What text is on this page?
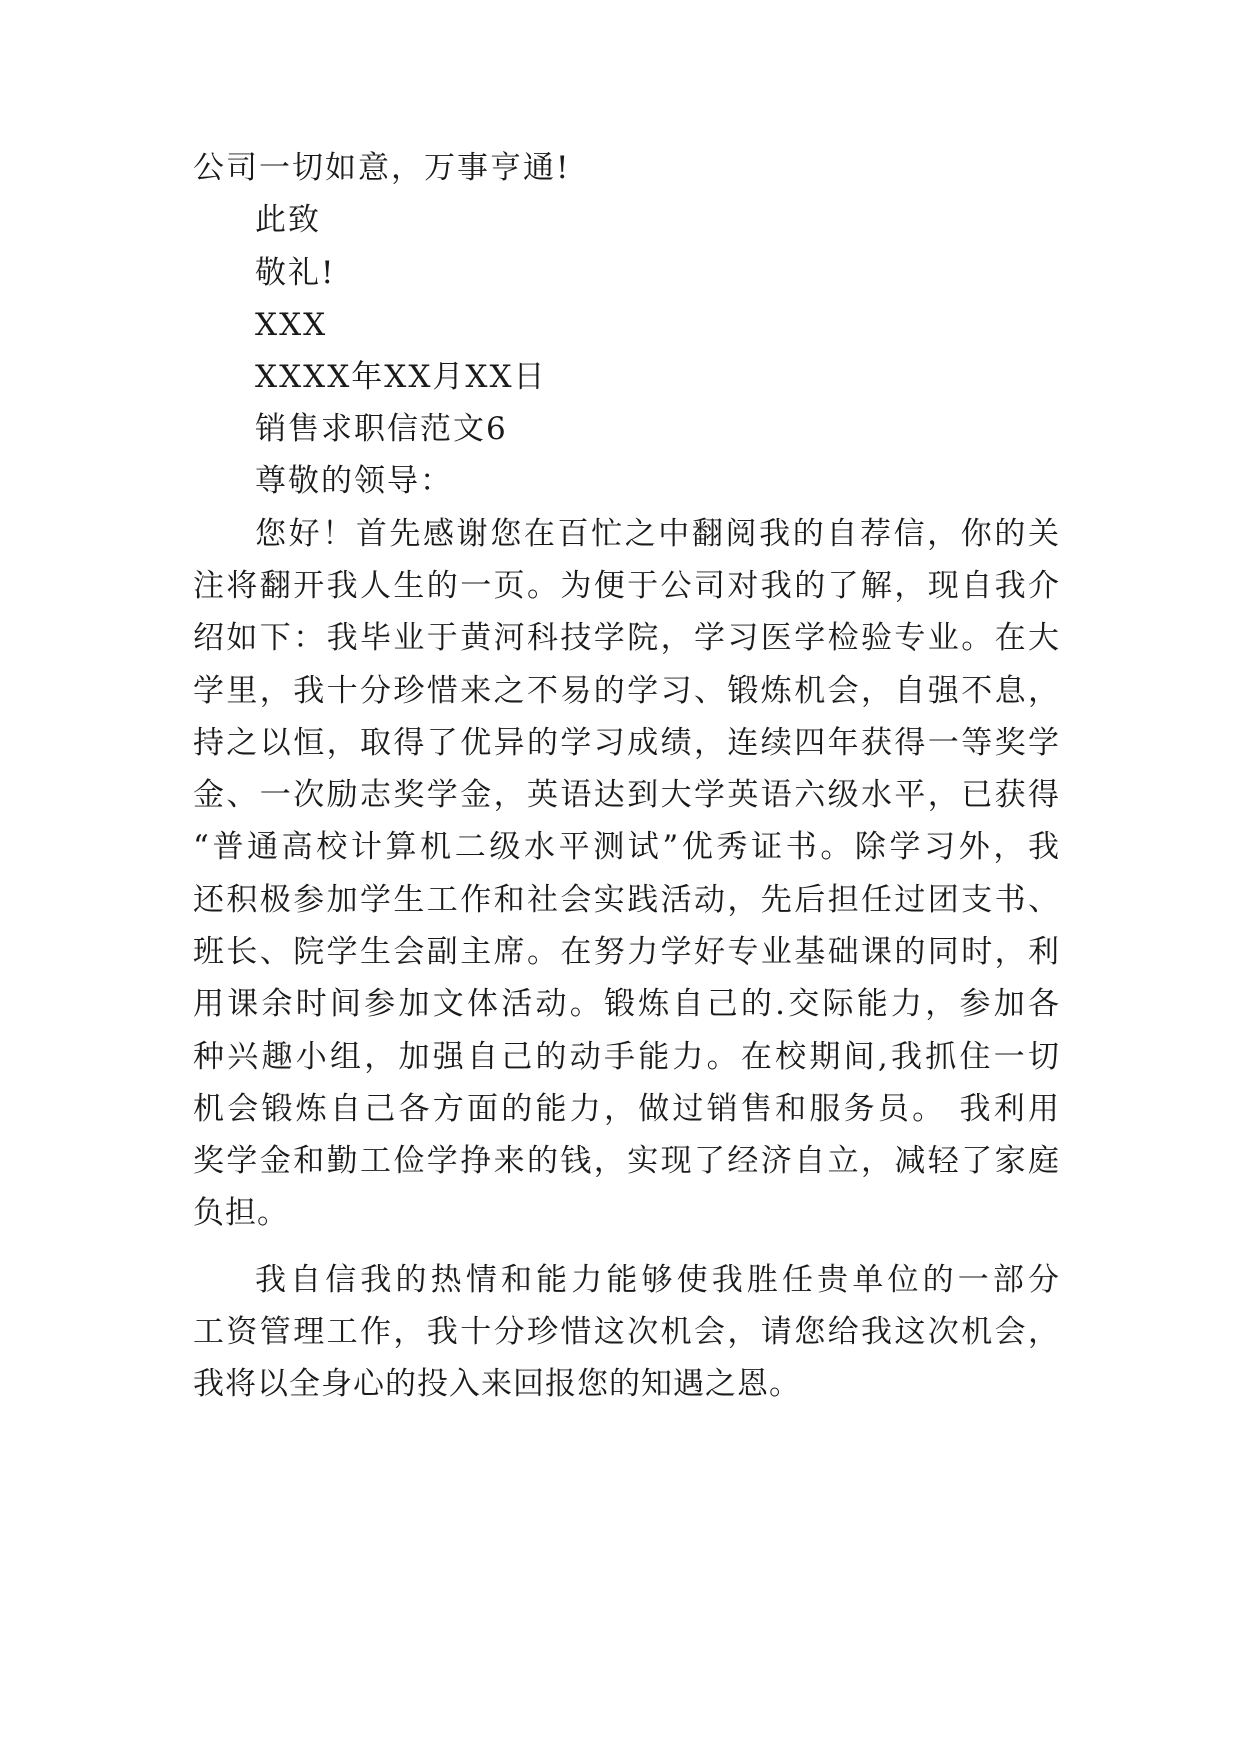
公司一切如意，万事亨通!
此致
敬礼!
XXX
XXXX年XX月XX日
销售求职信范文6
尊敬的领导：
您好！首先感谢您在百忙之中翻阅我的自荐信，你的关
注将翻开我人生的一页。为便于公司对我的了解，现自我介
绍如下：我毕业于黄河科技学院，学习医学检验专业。在大
学里，我十分珍惜来之不易的学习、锻炼机会，自强不息，
持之以恒，取得了优异的学习成绩，连续四年获得一等奖学
金、一次励志奖学金，英语达到大学英语六级水平，已获得
“普通高校计算机二级水平测试”优秀证书。除学习外，我
还积极参加学生工作和社会实践活动，先后担任过团支书、
班长、院学生会副主席。在努力学好专业基础课的同时，利
用课余时间参加文体活动。锻炼自己的.交际能力，参加各
种兴趣小组，加强自己的动手能力。在校期间,我抓住一切
机会锻炼自己各方面的能力，做过销售和服务员。 我利用
奖学金和勤工俭学挣来的钱，实现了经济自立，减轻了家庭
负担。
我自信我的热情和能力能够使我胜任贵单位的一部分
工资管理工作，我十分珍惜这次机会，请您给我这次机会，
我将以全身心的投入来回报您的知遇之恩。
